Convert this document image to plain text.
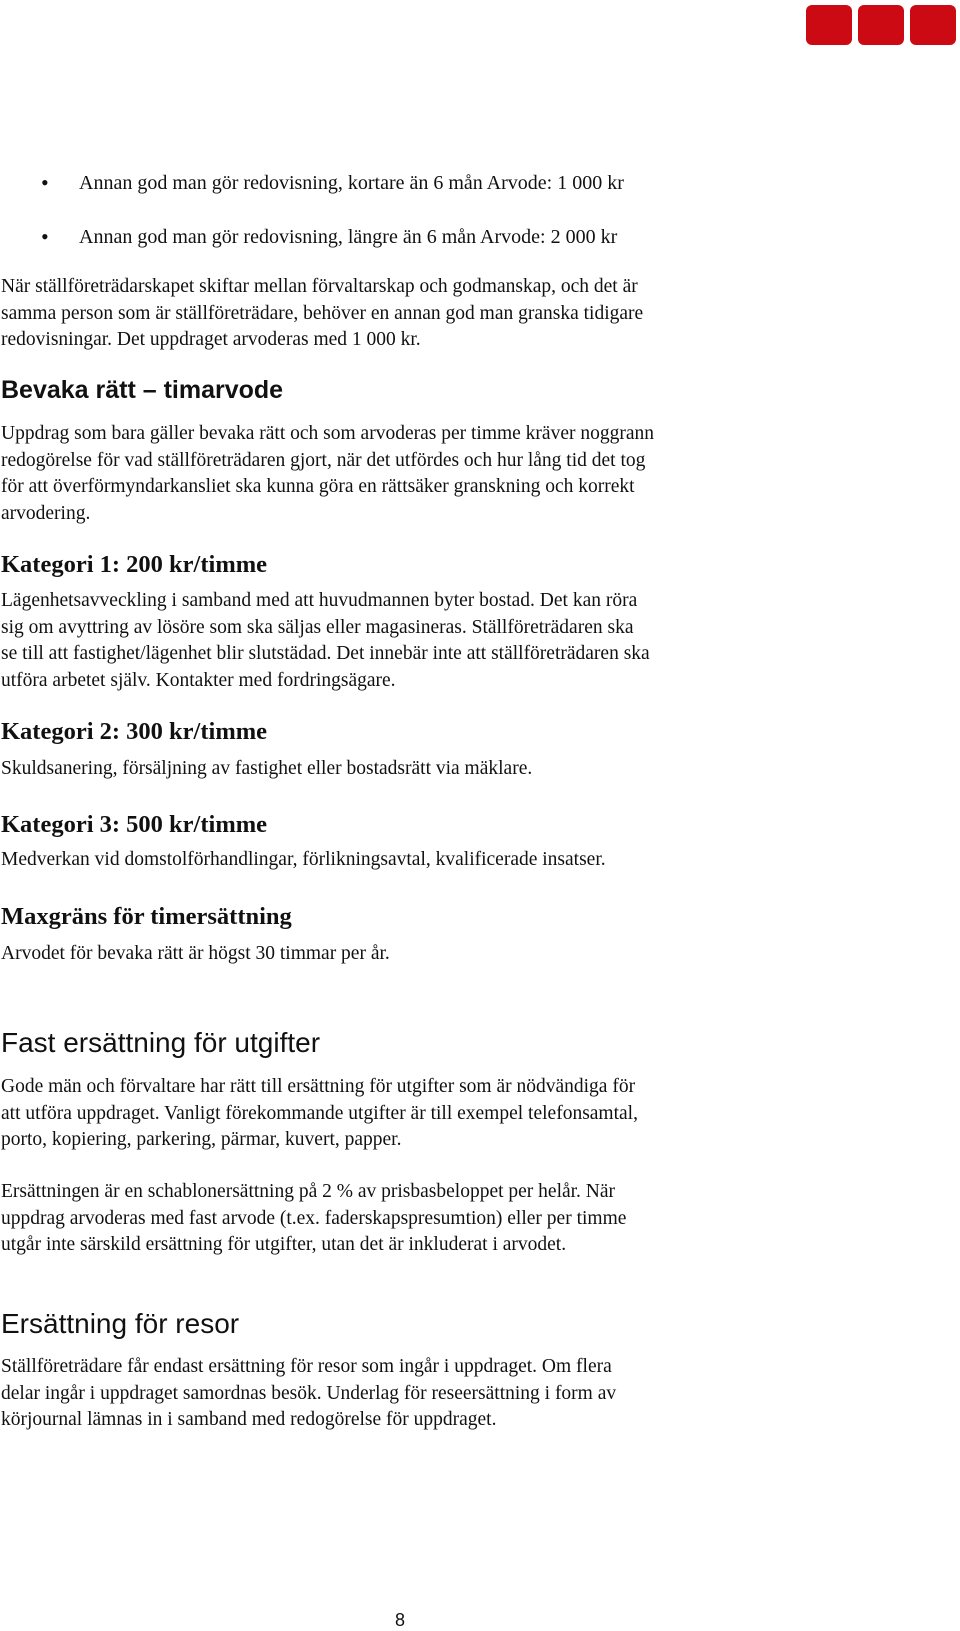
• Annan god man gör redovisning, kortare än 6 mån Arvode: 1 000 kr
• Annan god man gör redovisning, längre än 6 mån Arvode: 2 000 kr

När ställföreträdarskapet skiftar mellan förvaltarskap och godmanskap, och det är
samma person som är ställföreträdare, behöver en annan god man granska tidigare
redovisningar. Det uppdraget arvoderas med 1 000 kr.

Bevaka rätt – timarvode

Uppdrag som bara gäller bevaka rätt och som arvoderas per timme kräver noggrann
redogörelse för vad ställföreträdaren gjort, när det utfördes och hur lång tid det tog
för att överförmyndarkansliet ska kunna göra en rättsäker granskning och korrekt
arvodering.

Kategori 1: 200 kr/timme

Lägenhetsavveckling i samband med att huvudmannen byter bostad. Det kan röra
sig om avyttring av lösöre som ska säljas eller magasineras. Ställföreträdaren ska
se till att fastighet/lägenhet blir slutstädad. Det innebär inte att ställföreträdaren ska
utföra arbetet själv. Kontakter med fordringsägare.

Kategori 2: 300 kr/timme

Skuldsanering, försäljning av fastighet eller bostadsrätt via mäklare.

Kategori 3: 500 kr/timme

Medverkan vid domstolförhandlingar, förlikningsavtal, kvalificerade insatser.

Maxgräns för timersättning

Arvodet för bevaka rätt är högst 30 timmar per år.

Fast ersättning för utgifter

Gode män och förvaltare har rätt till ersättning för utgifter som är nödvändiga för
att utföra uppdraget. Vanligt förekommande utgifter är till exempel telefonsamtal,
porto, kopiering, parkering, pärmar, kuvert, papper.

Ersättningen är en schablonersättning på 2 % av prisbasbeloppet per helår. När
uppdrag arvoderas med fast arvode (t.ex. faderskapspresumtion) eller per timme
utgår inte särskild ersättning för utgifter, utan det är inkluderat i arvodet.

Ersättning för resor

Ställföreträdare får endast ersättning för resor som ingår i uppdraget. Om flera
delar ingår i uppdraget samordnas besök. Underlag för reseersättning i form av
körjournal lämnas in i samband med redogörelse för uppdraget.

8
